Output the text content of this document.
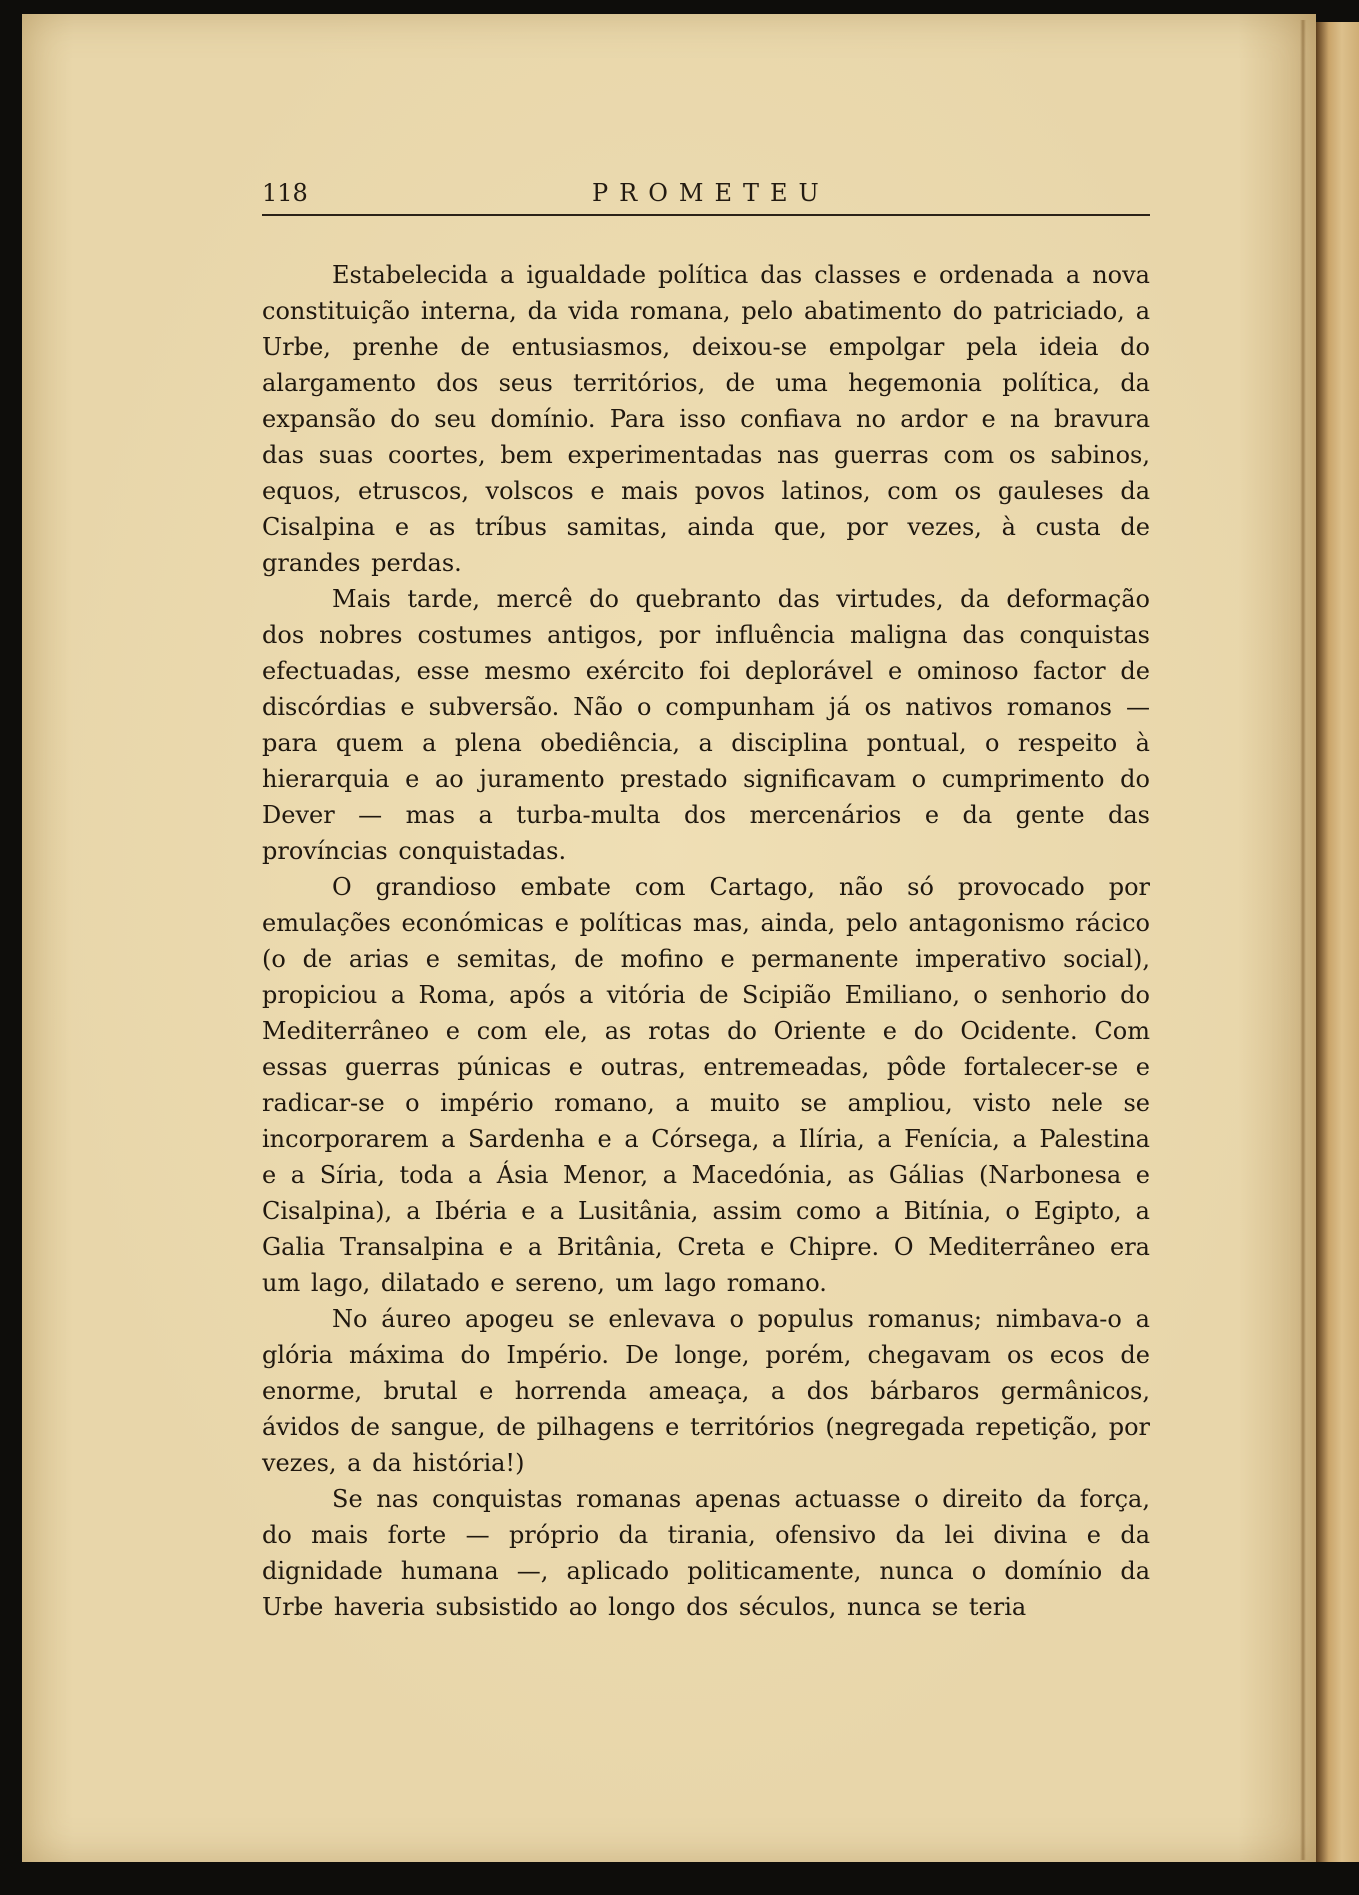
118	PROMETEU

Estabelecida a igualdade política das classes e ordenada a nova constituição interna, da vida romana, pelo abatimento do patriciado, a Urbe, prenhe de entusiasmos, deixou-se empolgar pela ideia do alargamento dos seus territórios, de uma hegemonia política, da expansão do seu domínio. Para isso confiava no ardor e na bravura das suas coortes, bem experimentadas nas guerras com os sabinos, equos, etruscos, volscos e mais povos latinos, com os gauleses da Cisalpina e as tríbus samitas, ainda que, por vezes, à custa de grandes perdas.

Mais tarde, mercê do quebranto das virtudes, da deformação dos nobres costumes antigos, por influência maligna das conquistas efectuadas, esse mesmo exército foi deplorável e ominoso factor de discórdias e subversão. Não o compunham já os nativos romanos — para quem a plena obediência, a disciplina pontual, o respeito à hierarquia e ao juramento prestado significavam o cumprimento do Dever — mas a turba-multa dos mercenários e da gente das províncias conquistadas.

O grandioso embate com Cartago, não só provocado por emulações económicas e políticas mas, ainda, pelo antagonismo rácico (o de arias e semitas, de mofino e permanente imperativo social), propiciou a Roma, após a vitória de Scipião Emiliano, o senhorio do Mediterrâneo e com ele, as rotas do Oriente e do Ocidente. Com essas guerras púnicas e outras, entremeadas, pôde fortalecer-se e radicar-se o império romano, a muito se ampliou, visto nele se incorporarem a Sardenha e a Córsega, a Ilíria, a Fenícia, a Palestina e a Síria, toda a Ásia Menor, a Macedónia, as Gálias (Narbonesa e Cisalpina), a Ibéria e a Lusitânia, assim como a Bitínia, o Egipto, a Galia Transalpina e a Britânia, Creta e Chipre. O Mediterrâneo era um lago, dilatado e sereno, um lago romano.

No áureo apogeu se enlevava o populus romanus; nimbava-o a glória máxima do Império. De longe, porém, chegavam os ecos de enorme, brutal e horrenda ameaça, a dos bárbaros germânicos, ávidos de sangue, de pilhagens e territórios (negregada repetição, por vezes, a da história!)

Se nas conquistas romanas apenas actuasse o direito da força, do mais forte — próprio da tirania, ofensivo da lei divina e da dignidade humana —, aplicado politicamente, nunca o domínio da Urbe haveria subsistido ao longo dos séculos, nunca se teria
